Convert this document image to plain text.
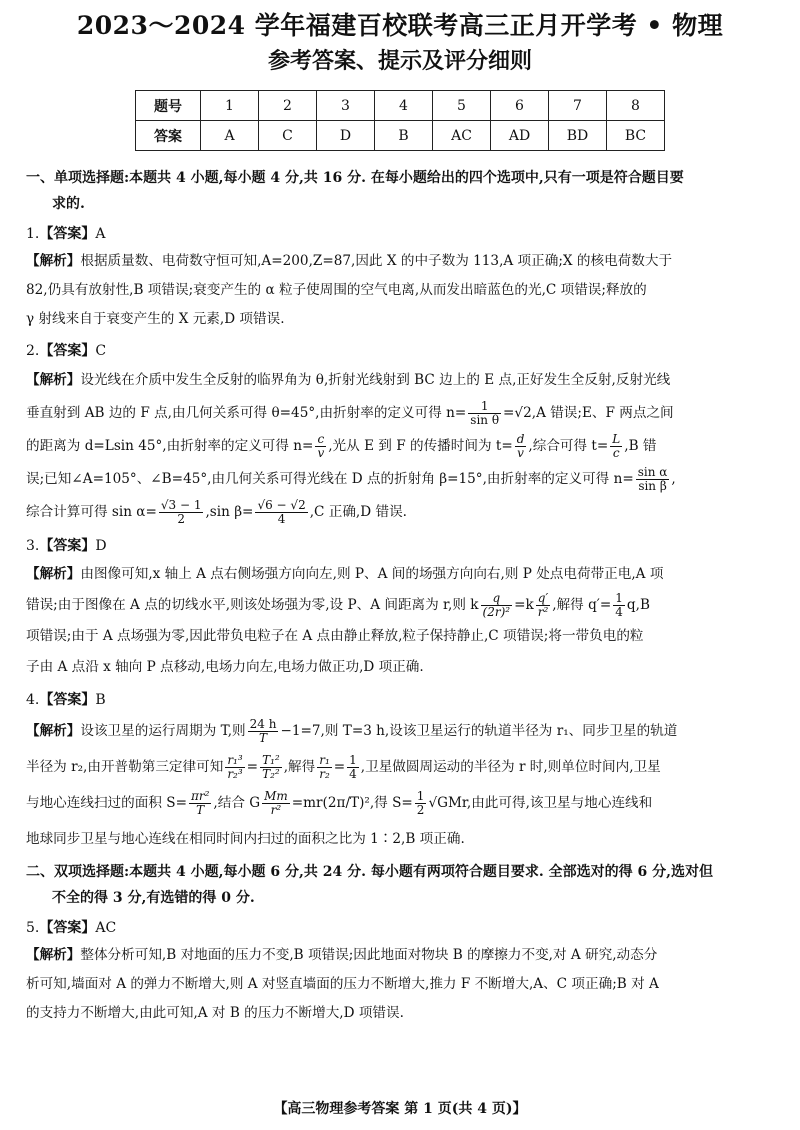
2023～2024 学年福建百校联考高三正月开学考 • 物理
参考答案、提示及评分细则
题号	1	2	3	4	5	6	7	8
答案	A	C	D	B	AC	AD	BD	BC
一、单项选择题:本题共 4 小题,每小题 4 分,共 16 分. 在每小题给出的四个选项中,只有一项是符合题目要
求的.
1.【答案】A
【解析】根据质量数、电荷数守恒可知,A=200,Z=87,因此 X 的中子数为 113,A 项正确;X 的核电荷数大于
82,仍具有放射性,B 项错误;衰变产生的 α 粒子使周围的空气电离,从而发出暗蓝色的光,C 项错误;释放的
γ 射线来自于衰变产生的 X 元素,D 项错误.
2.【答案】C
【解析】设光线在介质中发生全反射的临界角为 θ,折射光线射到 BC 边上的 E 点,正好发生全反射,反射光线
垂直射到 AB 边的 F 点,由几何关系可得 θ=45°,由折射率的定义可得 $n= \frac{1}{\text{sin θ}} =√2,A$ 错误;E、F 两点之间
的距离为 d=Lsin 45°,由折射率的定义可得 $n= \frac{c}{v}$ ,光从 E 到 F 的传播时间为 $t= \frac{d}{v}$ ,综合可得 $t= \frac{L}{c} ,B$ 错
误;已知∠A=105°、∠B=45°,由几何关系可得光线在 D 点的折射角 β=15°,由折射率的定义可得 $n= \frac{\text{sin α}}{\text{sin β}}$ ,
综合计算可得 $\sin \alpha= \frac{√3 - 1}{2} ,\sin$ $\beta= \frac{√6 - √2}{4} ,C$ 正确,D 错误.
3.【答案】D
【解析】由图像可知,x 轴上 A 点右侧场强方向向左,则 P、A 间的场强方向向右,则 P 处点电荷带正电,A 项
错误;由于图像在 A 点的切线水平,则该处场强为零,设 P、A 间距离为 r,则 k $\frac{q}{\text{(2r)²}} =k \frac{q'}{\text{r²}}$ ,解得 $q'= \frac{1}{4} q,B$
项错误;由于 A 点场强为零,因此带负电粒子在 A 点由静止释放,粒子保持静止,C 项错误;将一带负电的粒
子由 A 点沿 x 轴向 P 点移动,电场力向左,电场力做正功,D 项正确.
4.【答案】B
【解析】设该卫星的运行周期为 T,则 $\frac{24 h}{T} -1=7$,则 T=3 h,设该卫星运行的轨道半径为 r₁、同步卫星的轨道
半径为 r₂,由开普勒第三定律可知 $\frac{\text{r₁³}}{\text{r₂³}} = \frac{\text{T₁²}}{\text{T₂²}}$ ,解得 $\frac{\text{r₁}}{\text{r₂}} = \frac{1}{4}$ ,卫星做圆周运动的半径为 r 时,则单位时间内,卫星
与地心连线扫过的面积 $S= \frac{\text{πr²}}{T}$ ,结合 G $\frac{Mm}{\text{r²}} =mr(2\pi/T)^2$,得 $S= \frac{1}{2} √GMr$,由此可得,该卫星与地心连线和
地球同步卫星与地心连线在相同时间内扫过的面积之比为 1∶2,B 项正确.
二、双项选择题:本题共 4 小题,每小题 6 分,共 24 分. 每小题有两项符合题目要求. 全部选对的得 6 分,选对但
不全的得 3 分,有选错的得 0 分.
5.【答案】AC
【解析】整体分析可知,B 对地面的压力不变,B 项错误;因此地面对物块 B 的摩擦力不变,对 A 研究,动态分
析可知,墙面对 A 的弹力不断增大,则 A 对竖直墙面的压力不断增大,推力 F 不断增大,A、C 项正确;B 对 A
的支持力不断增大,由此可知,A 对 B 的压力不断增大,D 项错误.
【高三物理参考答案 第 1 页(共 4 页)】
